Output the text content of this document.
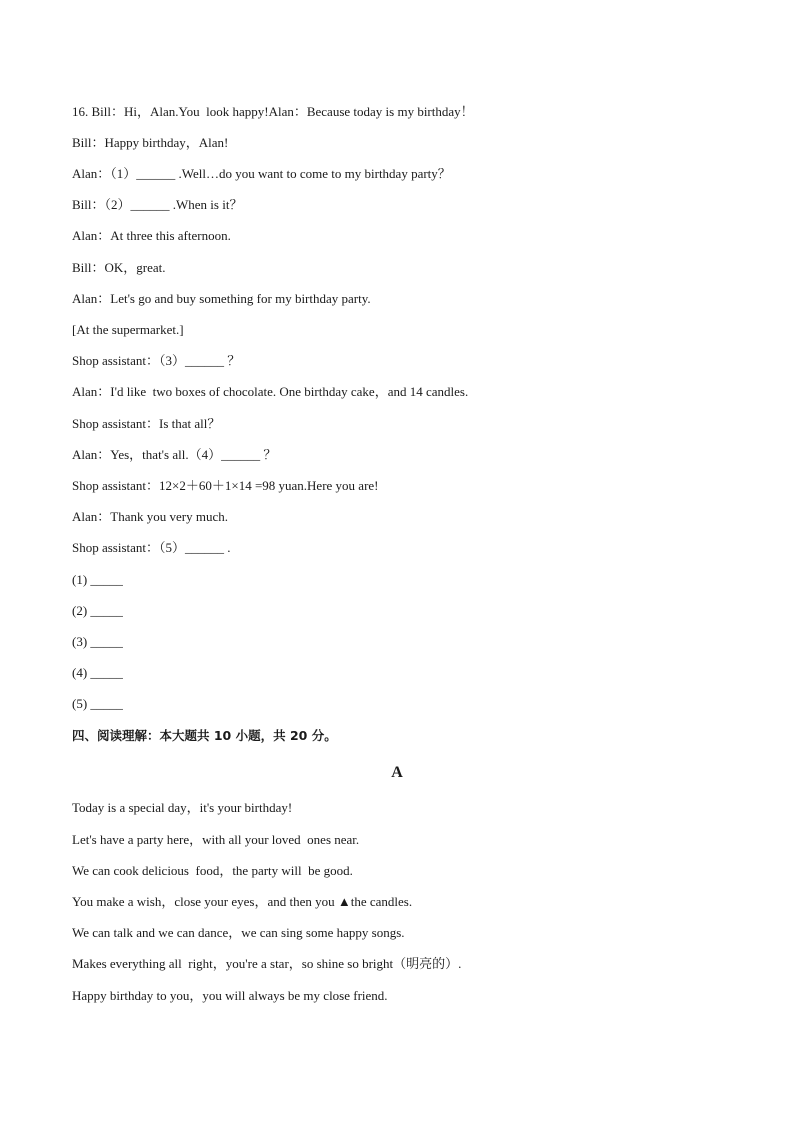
16. Bill：Hi，Alan.You  look happy!Alan：Because today is my birthday！
Bill：Happy birthday，Alan!
Alan：（1）______ .Well…do you want to come to my birthday party？
Bill：（2）______ .When is it？
Alan：At three this afternoon.
Bill：OK，great.
Alan：Let's go and buy something for my birthday party.
[At the supermarket.]
Shop assistant：（3）______ ？
Alan：I'd like  two boxes of chocolate. One birthday cake，and 14 candles.
Shop assistant：Is that all？
Alan：Yes，that's all.（4）______ ？
Shop assistant：12×2＋60＋1×14 =98 yuan.Here you are!
Alan：Thank you very much.
Shop assistant：（5）______ .
(1) _____
(2) _____
(3) _____
(4) _____
(5) _____
四、阅读理解：本大题共 10 小题，共 20 分。
A
Today is a special day，it's your birthday!
Let's have a party here，with all your loved  ones near.
We can cook delicious  food，the party will  be good.
You make a wish，close your eyes，and then you ▲the candles.
We can talk and we can dance，we can sing some happy songs.
Makes everything all  right，you're a star，so shine so bright（明亮的）.
Happy birthday to you，you will always be my close friend.
